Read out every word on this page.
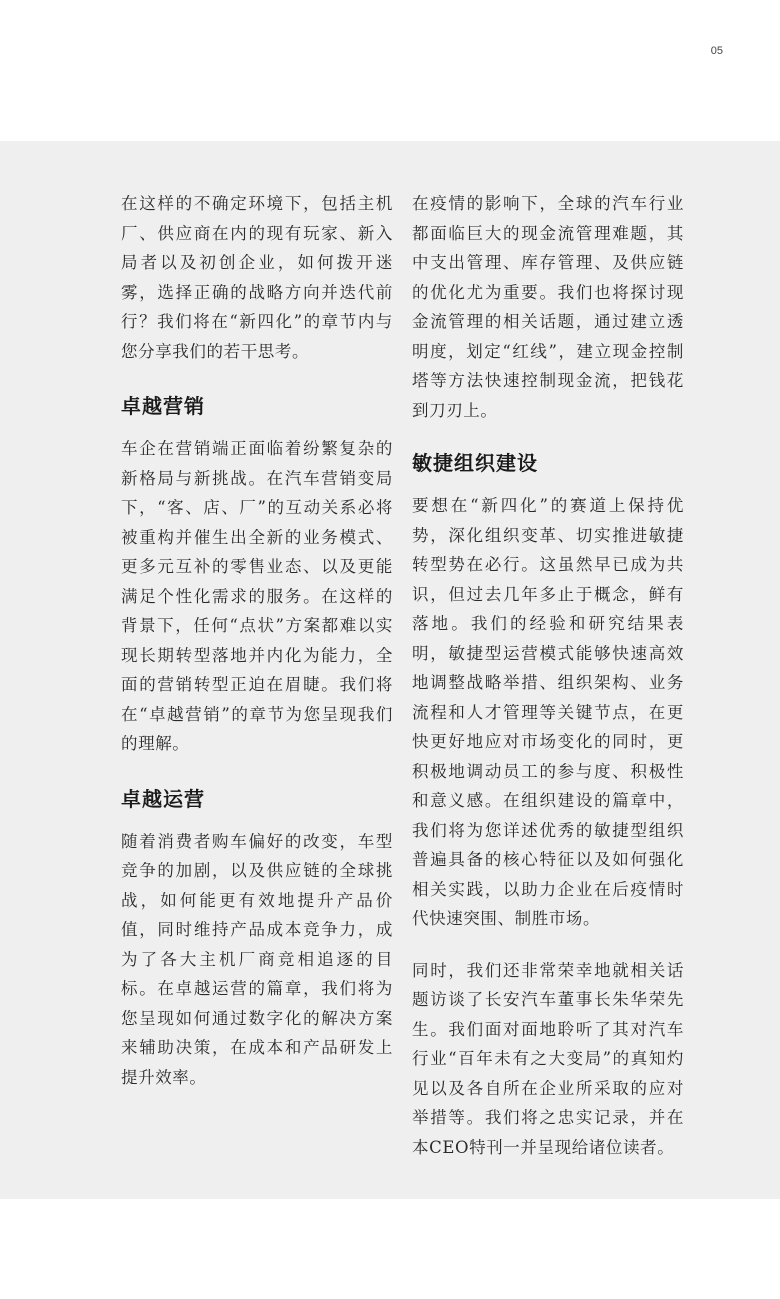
05

在这样的不确定环境下，包括主机厂、供应商在内的现有玩家、新入局者以及初创企业，如何拨开迷雾，选择正确的战略方向并迭代前行？我们将在“新四化”的章节内与您分享我们的若干思考。

卓越营销

车企在营销端正面临着纷繁复杂的新格局与新挑战。在汽车营销变局下，“客、店、厂”的互动关系必将被重构并催生出全新的业务模式、更多元互补的零售业态、以及更能满足个性化需求的服务。在这样的背景下，任何“点状”方案都难以实现长期转型落地并内化为能力，全面的营销转型正迫在眉睫。我们将在“卓越营销”的章节为您呈现我们的理解。

卓越运营

随着消费者购车偏好的改变，车型竞争的加剧，以及供应链的全球挑战，如何能更有效地提升产品价值，同时维持产品成本竞争力，成为了各大主机厂商竞相追逐的目标。在卓越运营的篇章，我们将为您呈现如何通过数字化的解决方案来辅助决策，在成本和产品研发上提升效率。

在疫情的影响下，全球的汽车行业都面临巨大的现金流管理难题，其中支出管理、库存管理、及供应链的优化尤为重要。我们也将探讨现金流管理的相关话题，通过建立透明度，划定“红线”，建立现金控制塔等方法快速控制现金流，把钱花到刀刃上。

敏捷组织建设

要想在“新四化”的赛道上保持优势，深化组织变革、切实推进敏捷转型势在必行。这虽然早已成为共识，但过去几年多止于概念，鲜有落地。我们的经验和研究结果表明，敏捷型运营模式能够快速高效地调整战略举措、组织架构、业务流程和人才管理等关键节点，在更快更好地应对市场变化的同时，更积极地调动员工的参与度、积极性和意义感。在组织建设的篇章中，我们将为您详述优秀的敏捷型组织普遍具备的核心特征以及如何强化相关实践，以助力企业在后疫情时代快速突围、制胜市场。

同时，我们还非常荣幸地就相关话题访谈了长安汽车董事长朱华荣先生。我们面对面地聆听了其对汽车行业“百年未有之大变局”的真知灼见以及各自所在企业所采取的应对举措等。我们将之忠实记录，并在本CEO特刊一并呈现给诸位读者。
